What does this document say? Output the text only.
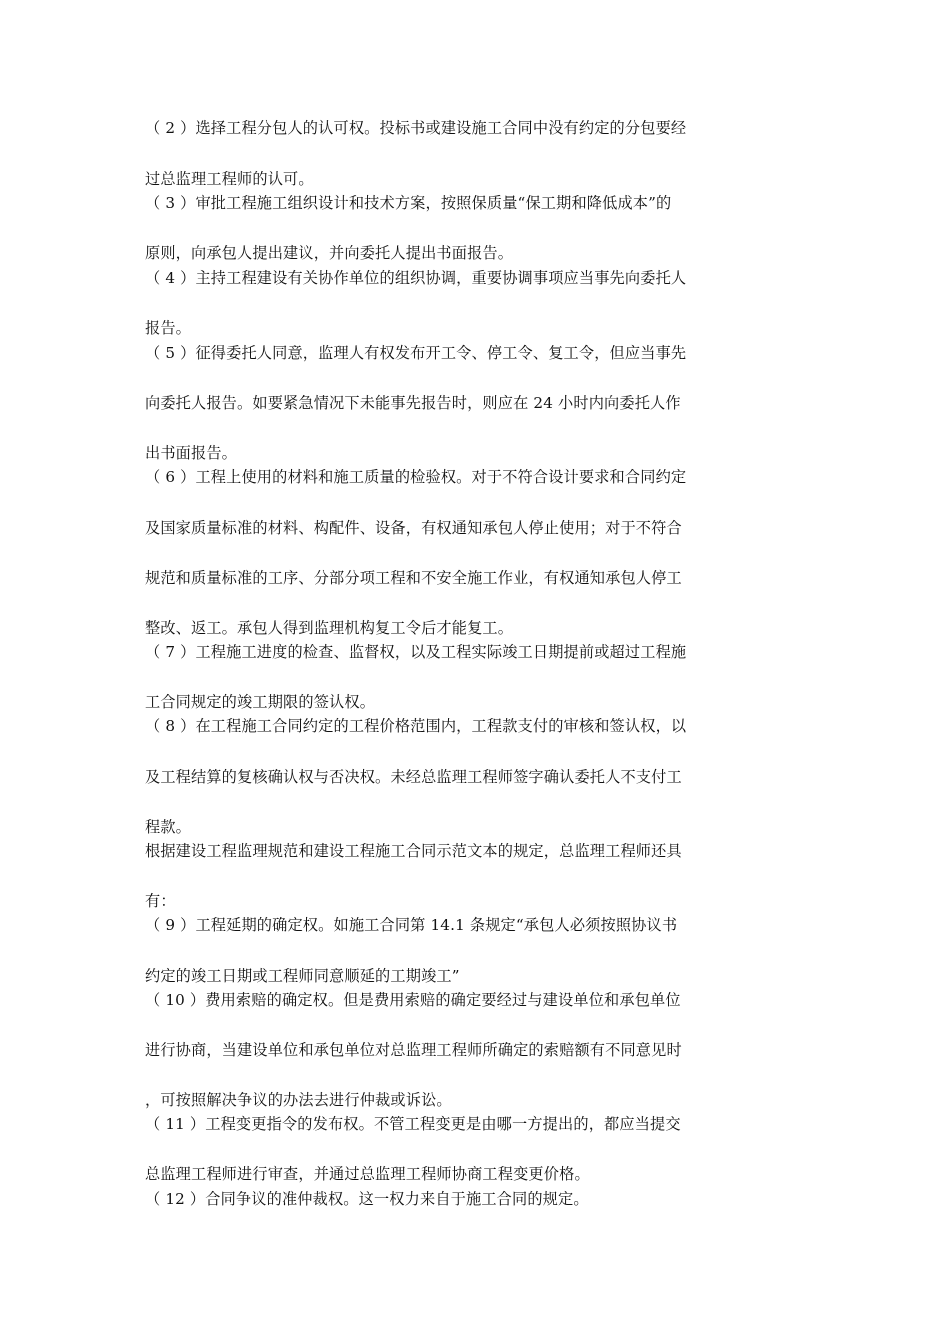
（ 2 ）选择工程分包人的认可权。投标书或建设施工合同中没有约定的分包要经
过总监理工程师的认可。
（ 3 ）审批工程施工组织设计和技术方案，按照保质量“保工期和降低成本”的
原则，向承包人提出建议，并向委托人提出书面报告。
（ 4 ）主持工程建设有关协作单位的组织协调，重要协调事项应当事先向委托人
报告。
（ 5 ）征得委托人同意，监理人有权发布开工令、停工令、复工令，但应当事先
向委托人报告。如要紧急情况下未能事先报告时，则应在 24 小时内向委托人作
出书面报告。
（ 6 ）工程上使用的材料和施工质量的检验权。对于不符合设计要求和合同约定
及国家质量标准的材料、构配件、设备，有权通知承包人停止使用；对于不符合
规范和质量标准的工序、分部分项工程和不安全施工作业，有权通知承包人停工
整改、返工。承包人得到监理机构复工令后才能复工。
（ 7 ）工程施工进度的检查、监督权，以及工程实际竣工日期提前或超过工程施
工合同规定的竣工期限的签认权。
（ 8 ）在工程施工合同约定的工程价格范围内，工程款支付的审核和签认权，以
及工程结算的复核确认权与否决权。未经总监理工程师签字确认委托人不支付工
程款。
根据建设工程监理规范和建设工程施工合同示范文本的规定，总监理工程师还具
有：
（ 9 ）工程延期的确定权。如施工合同第 14.1 条规定“承包人必须按照协议书
约定的竣工日期或工程师同意顺延的工期竣工”
（ 10 ）费用索赔的确定权。但是费用索赔的确定要经过与建设单位和承包单位
进行协商，当建设单位和承包单位对总监理工程师所确定的索赔额有不同意见时
，可按照解决争议的办法去进行仲裁或诉讼。
（ 11 ）工程变更指令的发布权。不管工程变更是由哪一方提出的，都应当提交
总监理工程师进行审查，并通过总监理工程师协商工程变更价格。
（ 12 ）合同争议的准仲裁权。这一权力来自于施工合同的规定。
